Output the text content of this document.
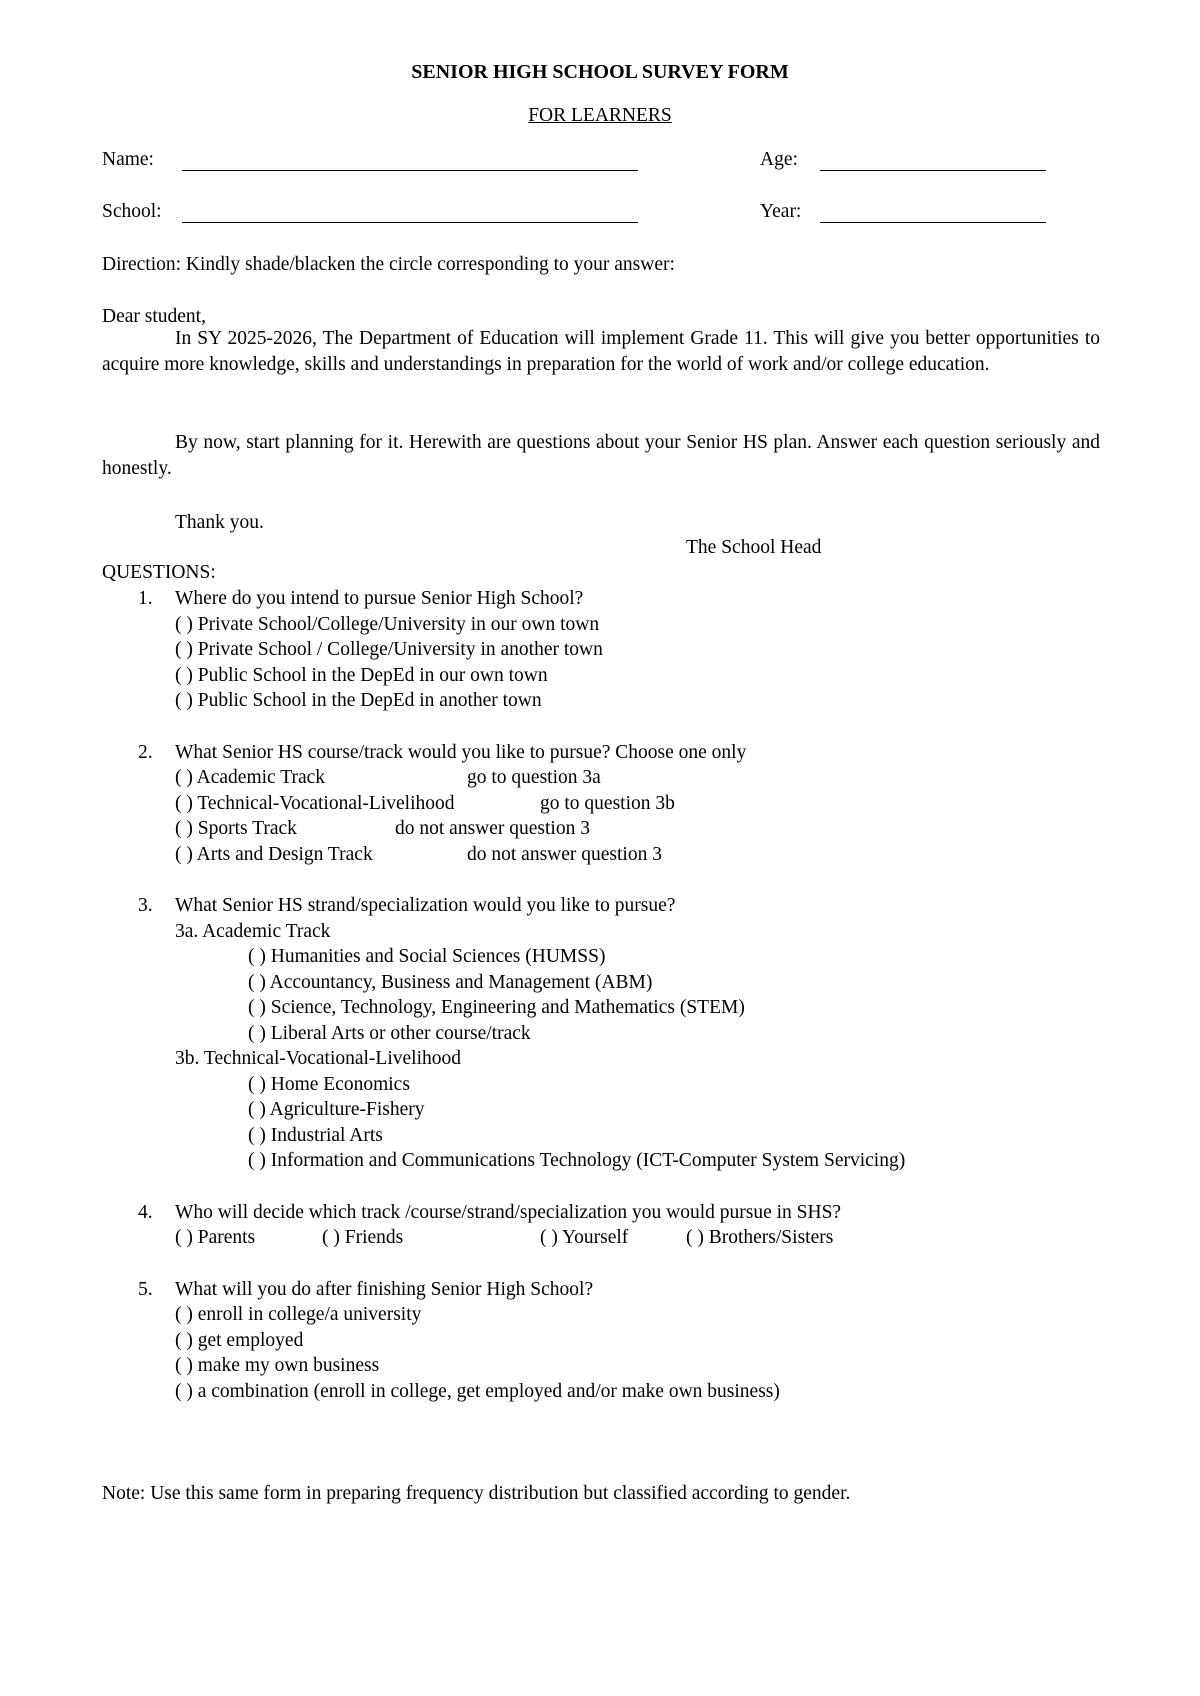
SENIOR HIGH SCHOOL SURVEY FORM
FOR LEARNERS
Name:	Age:
School:	Year:
Direction: Kindly shade/blacken the circle corresponding to your answer:
Dear student,
In SY 2025-2026, The Department of Education will implement Grade 11. This will give you better opportunities to acquire more knowledge, skills and understandings in preparation for the world of work and/or college education.
By now, start planning for it. Herewith are questions about your Senior HS plan. Answer each question seriously and honestly.
Thank you.
The School Head
QUESTIONS:
1. Where do you intend to pursue Senior High School?
( ) Private School/College/University in our own town
( ) Private School / College/University in another town
( ) Public School in the DepEd in our own town
( ) Public School in the DepEd in another town
2. What Senior HS course/track would you like to pursue? Choose one only
( ) Academic Track	go to question 3a
( ) Technical-Vocational-Livelihood	go to question 3b
( ) Sports Track	do not answer question 3
( ) Arts and Design Track	do not answer question 3
3. What Senior HS strand/specialization would you like to pursue?
3a. Academic Track
( ) Humanities and Social Sciences (HUMSS)
( ) Accountancy, Business and Management (ABM)
( ) Science, Technology, Engineering and Mathematics (STEM)
( ) Liberal Arts or other course/track
3b. Technical-Vocational-Livelihood
( ) Home Economics
( ) Agriculture-Fishery
( ) Industrial Arts
( ) Information and Communications Technology (ICT-Computer System Servicing)
4. Who will decide which track /course/strand/specialization you would pursue in SHS?
( ) Parents	( ) Friends	( ) Yourself	( ) Brothers/Sisters
5. What will you do after finishing Senior High School?
( ) enroll in college/a university
( ) get employed
( ) make my own business
( ) a combination (enroll in college, get employed and/or make own business)
Note: Use this same form in preparing frequency distribution but classified according to gender.
